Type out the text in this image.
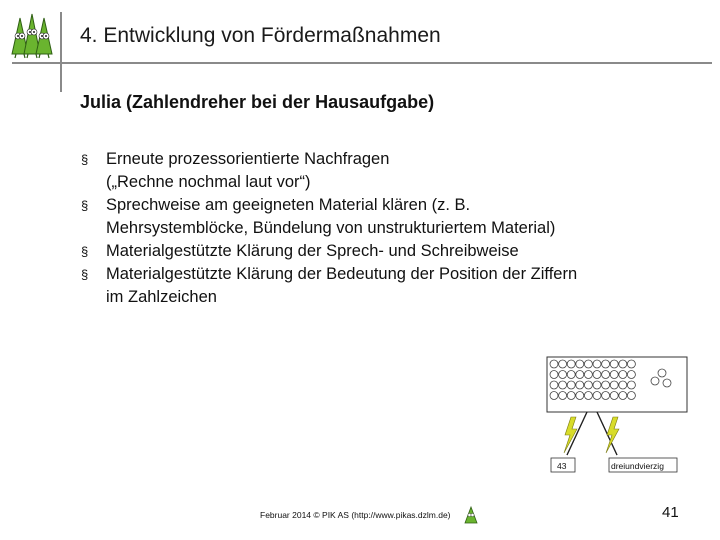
4. Entwicklung von Fördermaßnahmen
Julia (Zahlendreher bei der Hausaufgabe)
§ Erneute prozessorientierte Nachfragen
(„Rechne nochmal laut vor“)
§ Sprechweise am geeigneten Material klären (z. B.
Mehrsystemblöcke, Bündelung von unstrukturiertem Material)
§ Materialgestützte Klärung der Sprech- und Schreibweise
§ Materialgestützte Klärung der Bedeutung der Position der Ziffern
im Zahlzeichen
43	dreiundvierzig
Februar 2014 © PIK AS (http://www.pikas.dzlm.de)	41
